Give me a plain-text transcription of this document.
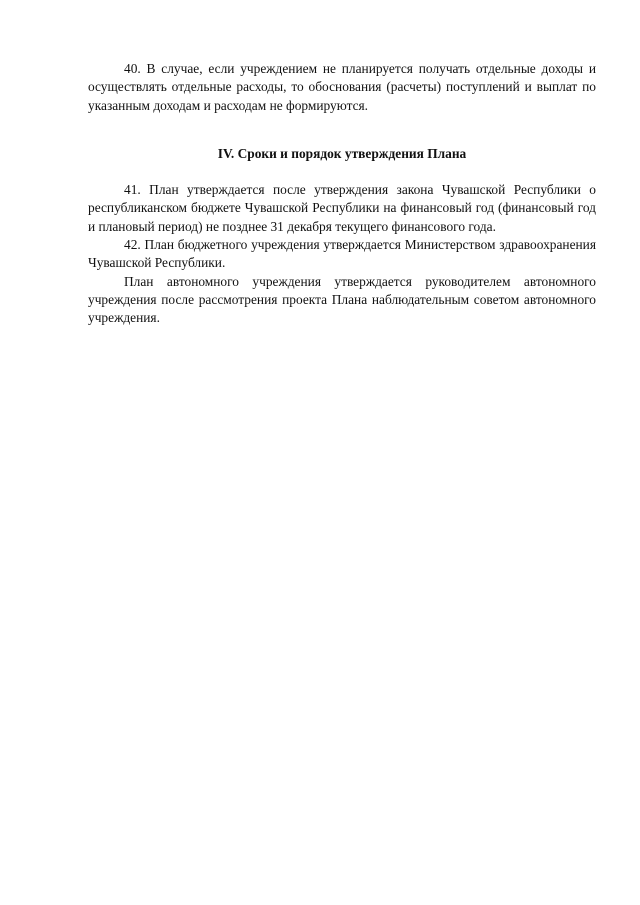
40. В случае, если учреждением не планируется получать отдельные доходы и осуществлять отдельные расходы, то обоснования (расчеты) поступлений и выплат по указанным доходам и расходам не формируются.

IV. Сроки и порядок утверждения Плана

41. План утверждается после утверждения закона Чувашской Республики о республиканском бюджете Чувашской Республики на финансовый год (финансовый год и плановый период) не позднее 31 декабря текущего финансового года.

42. План бюджетного учреждения утверждается Министерством здравоохранения Чувашской Республики.

План автономного учреждения утверждается руководителем автономного учреждения после рассмотрения проекта Плана наблюдательным советом автономного учреждения.
